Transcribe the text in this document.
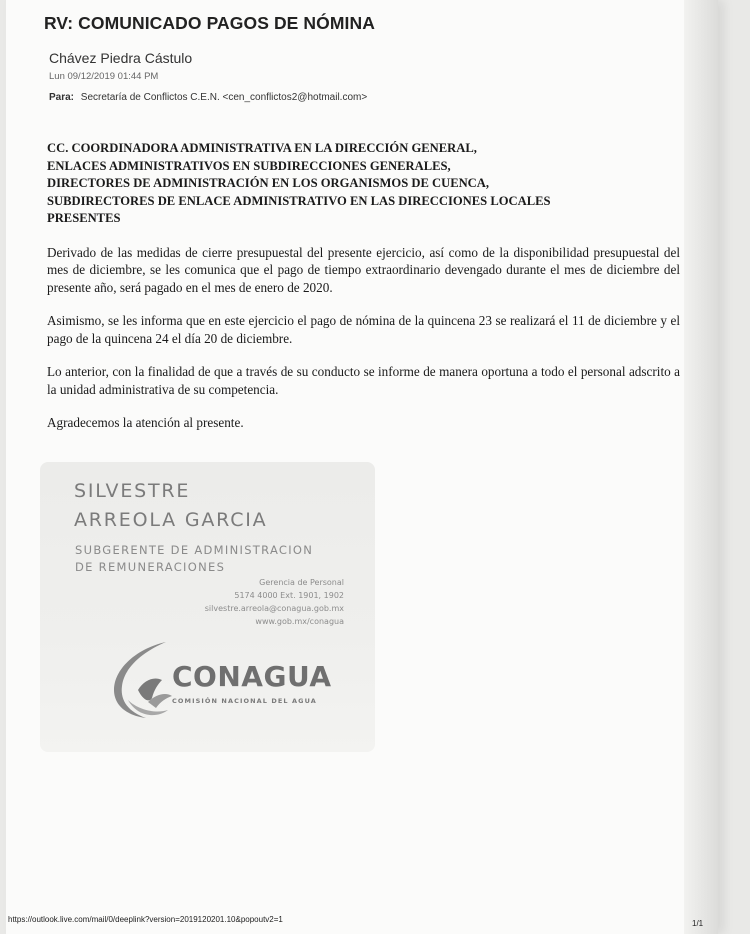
RV: COMUNICADO PAGOS DE NÓMINA
Chávez Piedra Cástulo
Lun 09/12/2019 01:44 PM
Para: Secretaría de Conflictos C.E.N. <cen_conflictos2@hotmail.com>
CC. COORDINADORA ADMINISTRATIVA EN LA DIRECCIÓN GENERAL,
ENLACES ADMINISTRATIVOS EN SUBDIRECCIONES GENERALES,
DIRECTORES DE ADMINISTRACIÓN EN LOS ORGANISMOS DE CUENCA,
SUBDIRECTORES DE ENLACE ADMINISTRATIVO EN LAS DIRECCIONES LOCALES
PRESENTES

Derivado de las medidas de cierre presupuestal del presente ejercicio, así como de la disponibilidad presupuestal del mes de diciembre, se les comunica que el pago de tiempo extraordinario devengado durante el mes de diciembre del presente año, será pagado en el mes de enero de 2020.

Asimismo, se les informa que en este ejercicio el pago de nómina de la quincena 23 se realizará el 11 de diciembre y el pago de la quincena 24 el día 20 de diciembre.

Lo anterior, con la finalidad de que a través de su conducto se informe de manera oportuna a todo el personal adscrito a la unidad administrativa de su competencia.

Agradecemos la atención al presente.

SILVESTRE
ARREOLA GARCIA
SUBGERENTE DE ADMINISTRACION
DE REMUNERACIONES
Gerencia de Personal
5174 4000 Ext. 1901, 1902
silvestre.arreola@conagua.gob.mx
www.gob.mx/conagua
CONAGUA
COMISIÓN NACIONAL DEL AGUA
https://outlook.live.com/mail/0/deeplink?version=2019120201.10&popoutv2=1	1/1
